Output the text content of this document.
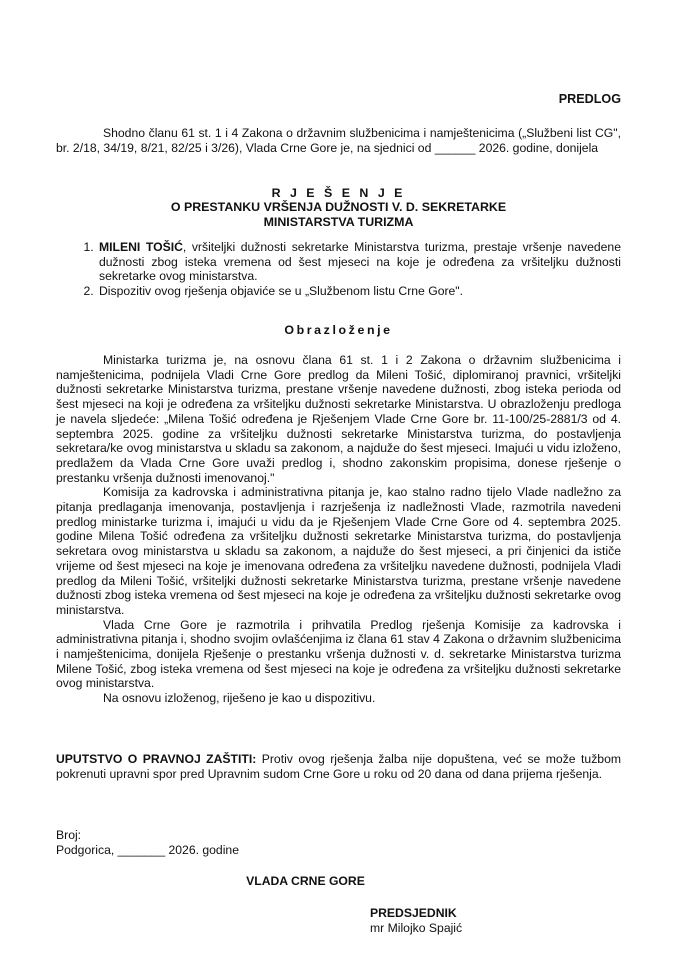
PREDLOG
Shodno članu 61 st. 1 i 4 Zakona o državnim službenicima i namještenicima („Službeni list CG", br. 2/18, 34/19, 8/21, 82/25 i 3/26), Vlada Crne Gore je, na sjednici od ______ 2026. godine, donijela
R J E Š E N J E
O PRESTANKU VRŠENJA DUŽNOSTI V. D. SEKRETARKE
MINISTARSTVA TURIZMA
1. MILENI TOŠIĆ, vršiteljki dužnosti sekretarke Ministarstva turizma, prestaje vršenje navedene dužnosti zbog isteka vremena od šest mjeseci na koje je određena za vršiteljku dužnosti sekretarke ovog ministarstva.
2. Dispozitiv ovog rješenja objaviće se u „Službenom listu Crne Gore".
Obrazloženje

Ministarka turizma je, na osnovu člana 61 st. 1 i 2 Zakona o državnim službenicima i namještenicima, podnijela Vladi Crne Gore predlog da Mileni Tošić, diplomiranoj pravnici, vršiteljki dužnosti sekretarke Ministarstva turizma, prestane vršenje navedene dužnosti, zbog isteka perioda od šest mjeseci na koji je određena za vršiteljku dužnosti sekretarke Ministarstva. U obrazloženju predloga je navela sljedeće: „Milena Tošić određena je Rješenjem Vlade Crne Gore br. 11-100/25-2881/3 od 4. septembra 2025. godine za vršiteljku dužnosti sekretarke Ministarstva turizma, do postavljenja sekretara/ke ovog ministarstva u skladu sa zakonom, a najduže do šest mjeseci. Imajući u vidu izloženo, predlažem da Vlada Crne Gore uvaži predlog i, shodno zakonskim propisima, donese rješenje o prestanku vršenja dužnosti imenovanoj."

Komisija za kadrovska i administrativna pitanja je, kao stalno radno tijelo Vlade nadležno za pitanja predlaganja imenovanja, postavljenja i razrješenja iz nadležnosti Vlade, razmotrila navedeni predlog ministarke turizma i, imajući u vidu da je Rješenjem Vlade Crne Gore od 4. septembra 2025. godine Milena Tošić određena za vršiteljku dužnosti sekretarke Ministarstva turizma, do postavljenja sekretara ovog ministarstva u skladu sa zakonom, a najduže do šest mjeseci, a pri činjenici da ističe vrijeme od šest mjeseci na koje je imenovana određena za vršiteljku navedene dužnosti, podnijela Vladi predlog da Mileni Tošić, vršiteljki dužnosti sekretarke Ministarstva turizma, prestane vršenje navedene dužnosti zbog isteka vremena od šest mjeseci na koje je određena za vršiteljku dužnosti sekretarke ovog ministarstva.

Vlada Crne Gore je razmotrila i prihvatila Predlog rješenja Komisije za kadrovska i administrativna pitanja i, shodno svojim ovlašćenjima iz člana 61 stav 4 Zakona o državnim službenicima i namještenicima, donijela Rješenje o prestanku vršenja dužnosti v. d. sekretarke Ministarstva turizma Milene Tošić, zbog isteka vremena od šest mjeseci na koje je određena za vršiteljku dužnosti sekretarke ovog ministarstva.

Na osnovu izloženog, riješeno je kao u dispozitivu.

UPUTSTVO O PRAVNOJ ZAŠTITI: Protiv ovog rješenja žalba nije dopuštena, već se može tužbom pokrenuti upravni spor pred Upravnim sudom Crne Gore u roku od 20 dana od dana prijema rješenja.
Broj:
Podgorica, _______ 2026. godine
VLADA CRNE GORE
PREDSJEDNIK
mr Milojko Spajić
